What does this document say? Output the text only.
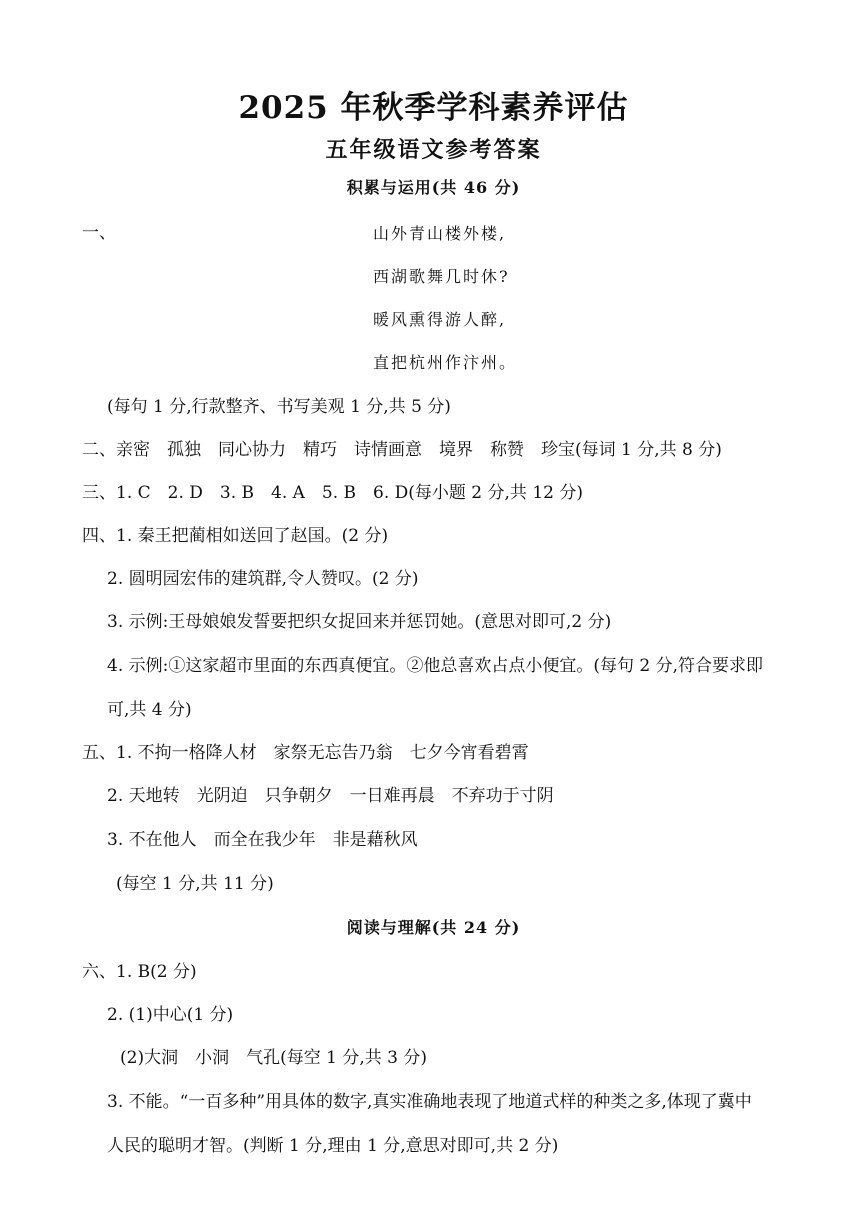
2025 年秋季学科素养评估
五年级语文参考答案
积累与运用(共 46 分)
一、	山外青山楼外楼,
西湖歌舞几时休?
暖风熏得游人醉,
直把杭州作汴州。
(每句 1 分,行款整齐、书写美观 1 分,共 5 分)
二、亲密　孤独　同心协力　精巧　诗情画意　境界　称赞　珍宝(每词 1 分,共 8 分)
三、1. C　2. D　3. B　4. A　5. B　6. D(每小题 2 分,共 12 分)
四、1. 秦王把蔺相如送回了赵国。(2 分)
2. 圆明园宏伟的建筑群,令人赞叹。(2 分)
3. 示例:王母娘娘发誓要把织女捉回来并惩罚她。(意思对即可,2 分)
4. 示例:①这家超市里面的东西真便宜。②他总喜欢占点小便宜。(每句 2 分,符合要求即
可,共 4 分)
五、1. 不拘一格降人材　家祭无忘告乃翁　七夕今宵看碧霄
2. 天地转　光阴迫　只争朝夕　一日难再晨　不弃功于寸阴
3. 不在他人　而全在我少年　非是藉秋风
(每空 1 分,共 11 分)
阅读与理解(共 24 分)
六、1. B(2 分)
2. (1)中心(1 分)
(2)大洞　小洞　气孔(每空 1 分,共 3 分)
3. 不能。“一百多种”用具体的数字,真实准确地表现了地道式样的种类之多,体现了冀中
人民的聪明才智。(判断 1 分,理由 1 分,意思对即可,共 2 分)
